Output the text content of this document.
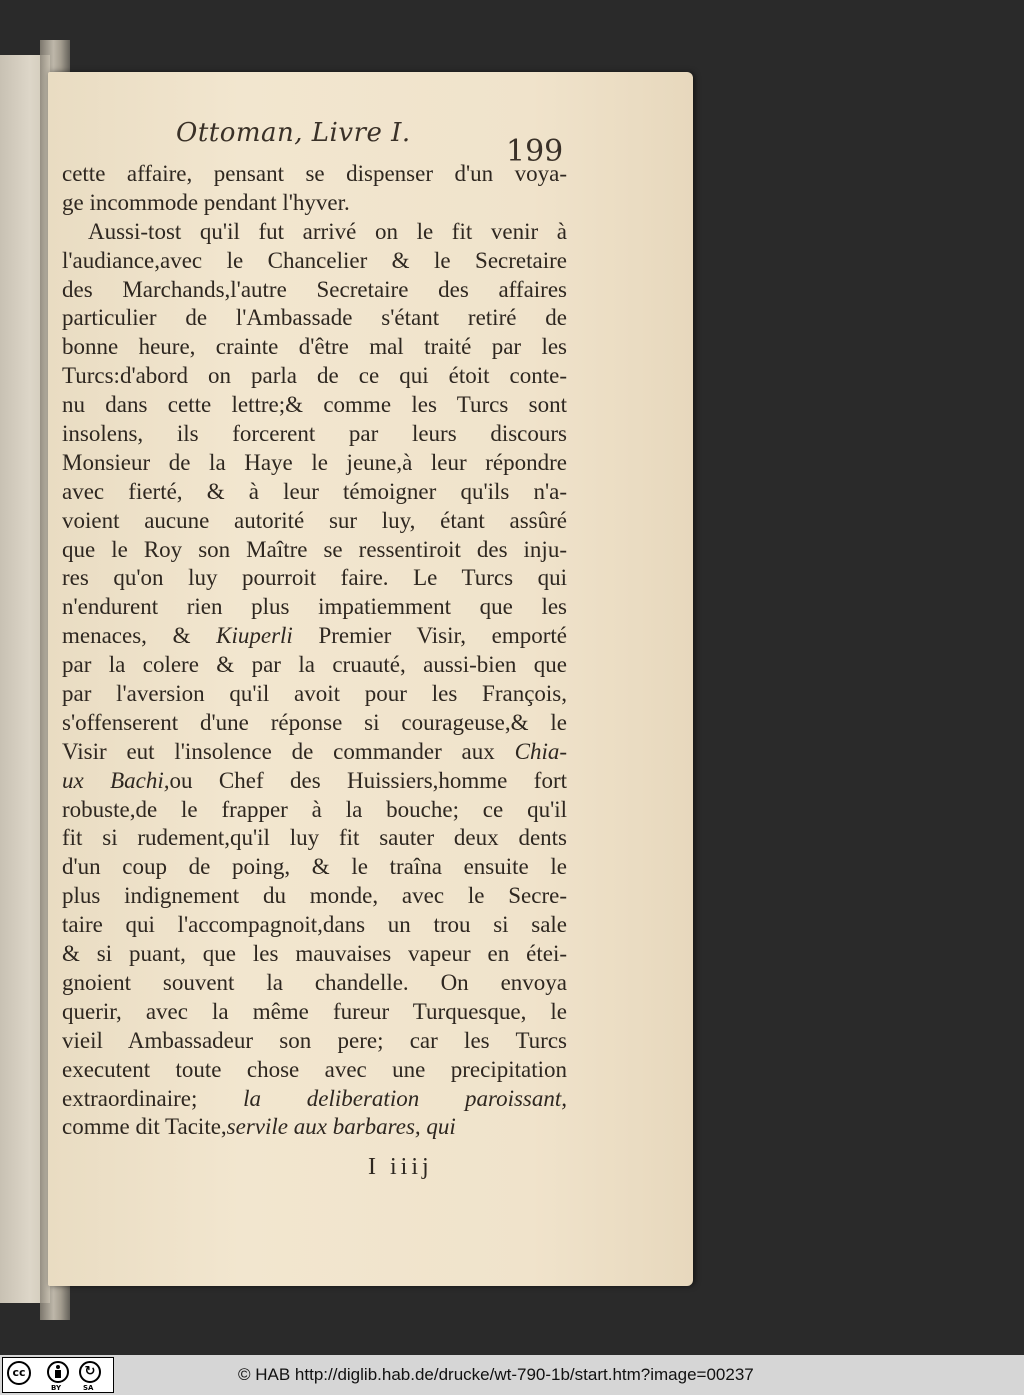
Ottoman, Livre I.
199
cette affaire, pensant se dispenser d'un voya-
ge incommode pendant l'hyver.
Aussi-tost qu'il fut arrivé on le fit venir à
l'audiance,avec le Chancelier & le Secretaire
des Marchands,l'autre Secretaire des affaires
particulier de l'Ambassade s'étant retiré de
bonne heure, crainte d'être mal traité par les
Turcs:d'abord on parla de ce qui étoit conte-
nu dans cette lettre;& comme les Turcs sont
insolens, ils forcerent par leurs discours
Monsieur de la Haye le jeune,à leur répondre
avec fierté, & à leur témoigner qu'ils n'a-
voient aucune autorité sur luy, étant assûré
que le Roy son Maître se ressentiroit des inju-
res qu'on luy pourroit faire. Le Turcs qui
n'endurent rien plus impatiemment que les
menaces, & Kiuperli Premier Visir, emporté
par la colere & par la cruauté, aussi-bien que
par l'aversion qu'il avoit pour les François,
s'offenserent d'une réponse si courageuse,& le
Visir eut l'insolence de commander aux Chia-
ux Bachi,ou Chef des Huissiers,homme fort
robuste,de le frapper à la bouche; ce qu'il
fit si rudement,qu'il luy fit sauter deux dents
d'un coup de poing, & le traîna ensuite le
plus indignement du monde, avec le Secre-
taire qui l'accompagnoit,dans un trou si sale
& si puant, que les mauvaises vapeur en étei-
gnoient souvent la chandelle. On envoya
querir, avec la même fureur Turquesque, le
vieil Ambassadeur son pere; car les Turcs
executent toute chose avec une precipitation
extraordinaire; la deliberation paroissant,
comme dit Tacite,servile aux barbares, qui
I iiij
cc	↻
BY	SA
© HAB http://diglib.hab.de/drucke/wt-790-1b/start.htm?image=00237
